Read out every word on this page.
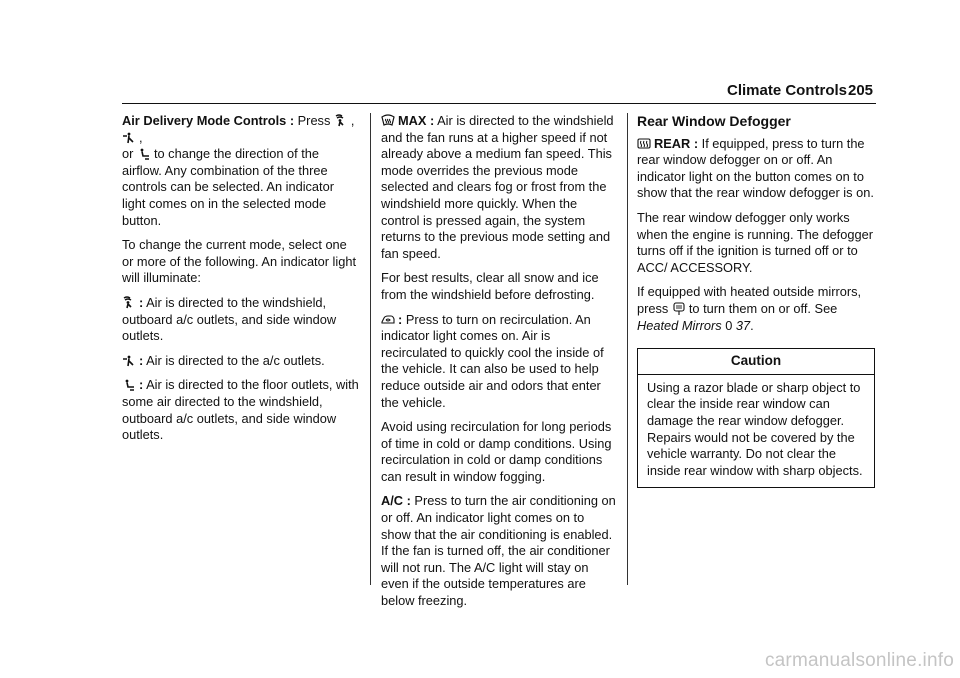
Climate Controls 205

Air Delivery Mode Controls : Press ,
,
or to change the direction of the airflow. Any combination of the three controls can be selected. An indicator light comes on in the selected mode button.

To change the current mode, select one or more of the following. An indicator light will illuminate:

: Air is directed to the windshield, outboard a/c outlets, and side window outlets.

: Air is directed to the a/c outlets.

: Air is directed to the floor outlets, with some air directed to the windshield, outboard a/c outlets, and side window outlets.

MAX : Air is directed to the windshield and the fan runs at a higher speed if not already above a medium fan speed. This mode overrides the previous mode selected and clears fog or frost from the windshield more quickly. When the control is pressed again, the system returns to the previous mode setting and fan speed.

For best results, clear all snow and ice from the windshield before defrosting.

: Press to turn on recirculation. An indicator light comes on. Air is recirculated to quickly cool the inside of the vehicle. It can also be used to help reduce outside air and odors that enter the vehicle.

Avoid using recirculation for long periods of time in cold or damp conditions. Using recirculation in cold or damp conditions can result in window fogging.

A/C : Press to turn the air conditioning on or off. An indicator light comes on to show that the air conditioning is enabled. If the fan is turned off, the air conditioner will not run. The A/C light will stay on even if the outside temperatures are below freezing.

Rear Window Defogger

REAR : If equipped, press to turn the rear window defogger on or off. An indicator light on the button comes on to show that the rear window defogger is on.

The rear window defogger only works when the engine is running. The defogger turns off if the ignition is turned off or to ACC/ ACCESSORY.

If equipped with heated outside mirrors, press to turn them on or off. See Heated Mirrors 0 37.

Caution
Using a razor blade or sharp object to clear the inside rear window can damage the rear window defogger. Repairs would not be covered by the vehicle warranty. Do not clear the inside rear window with sharp objects.
carmanualsonline.info
